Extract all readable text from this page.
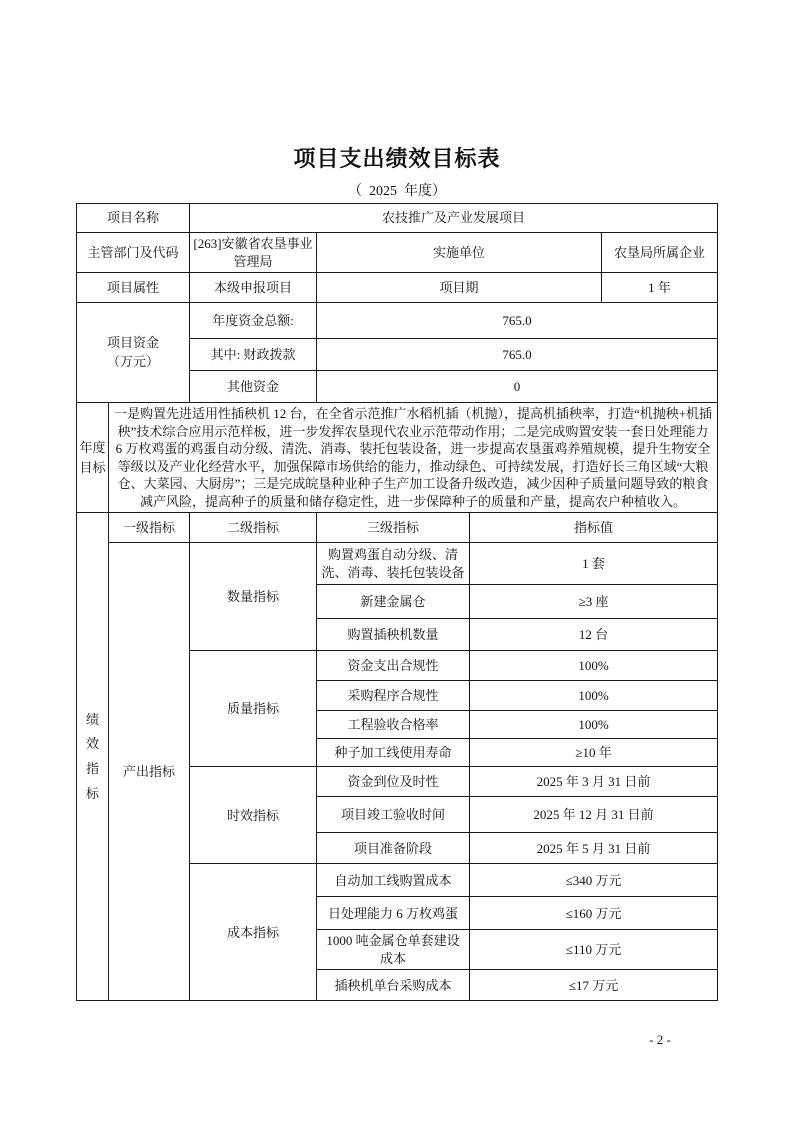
项目支出绩效目标表
（  2025  年度）
项目名称		农技推广及产业发展项目			
主管部门及代码		[263]安徽省农垦事业管理局	实施单位		农垦局所属企业
项目属性		本级申报项目	项目期		1 年

项目资金
（万元）		年度资金总额:	765.0		
		其中: 财政拨款	765.0		
		其他资金	0		

年度目标	一是购置先进适用性插秧机 12 台，在全省示范推广水稻机插（机抛），提高机插秧率，打造“机抛秧+机插秧”技术综合应用示范样板，进一步发挥农垦现代农业示范带动作用；二是完成购置安装一套日处理能力 6 万枚鸡蛋的鸡蛋自动分级、清洗、消毒、装托包装设备，进一步提高农垦蛋鸡养殖规模，提升生物安全等级以及产业化经营水平，加强保障市场供给的能力，推动绿色、可持续发展，打造好长三角区域“大粮仓、大菜园、大厨房”；三是完成皖垦种业种子生产加工设备升级改造，减少因种子质量问题导致的粮食减产风险，提高种子的质量和储存稳定性，进一步保障种子的质量和产量，提高农户种植收入。				

绩效指标	一级指标	二级指标	三级指标	指标值	
	产出指标	数量指标	购置鸡蛋自动分级、清洗、消毒、装托包装设备	1 套	
			新建金属仓	≥3 座	
			购置插秧机数量	12 台	
		质量指标	资金支出合规性	100%	
			采购程序合规性	100%	
			工程验收合格率	100%	
			种子加工线使用寿命	≥10 年	
		时效指标	资金到位及时性	2025 年 3 月 31 日前	
			项目竣工验收时间	2025 年 12 月 31 日前	
			项目准备阶段	2025 年 5 月 31 日前	
		成本指标	自动加工线购置成本	≤340 万元	
			日处理能力 6 万枚鸡蛋	≤160 万元	
			1000 吨金属仓单套建设成本	≤110 万元	
			插秧机单台采购成本	≤17 万元	
- 2 -
